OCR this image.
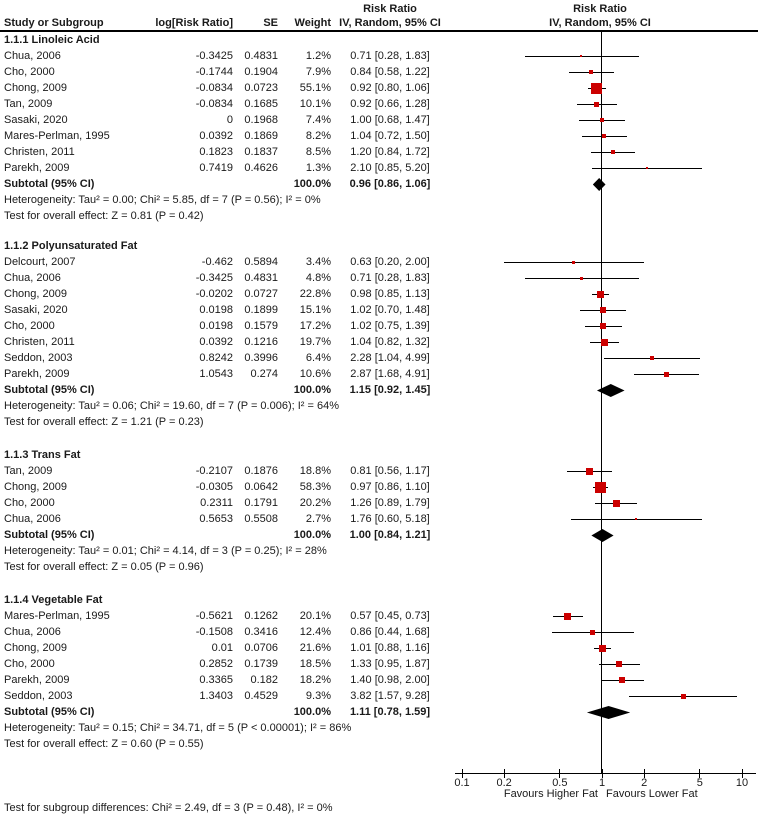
Risk Ratio	Risk Ratio
Study or Subgroup	log[Risk Ratio]	SE	Weight IV, Random, 95% CI	IV, Random, 95% CI
1.1.1 Linoleic Acid
Chua, 2006	-0.3425	0.4831	1.2%	0.71 [0.28, 1.83]
Cho, 2000	-0.1744	0.1904	7.9%	0.84 [0.58, 1.22]
Chong, 2009	-0.0834	0.0723	55.1%	0.92 [0.80, 1.06]
Tan, 2009	-0.0834	0.1685	10.1%	0.92 [0.66, 1.28]
Sasaki, 2020	0	0.1968	7.4%	1.00 [0.68, 1.47]
Mares-Perlman, 1995	0.0392	0.1869	8.2%	1.04 [0.72, 1.50]
Christen, 2011	0.1823	0.1837	8.5%	1.20 [0.84, 1.72]
Parekh, 2009	0.7419	0.4626	1.3%	2.10 [0.85, 5.20]
Subtotal (95% CI)	100.0%	0.96 [0.86, 1.06]
Heterogeneity: Tau² = 0.00; Chi² = 5.85, df = 7 (P = 0.56); I² = 0%
Test for overall effect: Z = 0.81 (P = 0.42)
1.1.2 Polyunsaturated Fat
Delcourt, 2007	-0.462	0.5894	3.4%	0.63 [0.20, 2.00]
Chua, 2006	-0.3425	0.4831	4.8%	0.71 [0.28, 1.83]
Chong, 2009	-0.0202	0.0727	22.8%	0.98 [0.85, 1.13]
Sasaki, 2020	0.0198	0.1899	15.1%	1.02 [0.70, 1.48]
Cho, 2000	0.0198	0.1579	17.2%	1.02 [0.75, 1.39]
Christen, 2011	0.0392	0.1216	19.7%	1.04 [0.82, 1.32]
Seddon, 2003	0.8242	0.3996	6.4%	2.28 [1.04, 4.99]
Parekh, 2009	1.0543	0.274	10.6%	2.87 [1.68, 4.91]
Subtotal (95% CI)	100.0%	1.15 [0.92, 1.45]
Heterogeneity: Tau² = 0.06; Chi² = 19.60, df = 7 (P = 0.006); I² = 64%
Test for overall effect: Z = 1.21 (P = 0.23)
1.1.3 Trans Fat
Tan, 2009	-0.2107	0.1876	18.8%	0.81 [0.56, 1.17]
Chong, 2009	-0.0305	0.0642	58.3%	0.97 [0.86, 1.10]
Cho, 2000	0.2311	0.1791	20.2%	1.26 [0.89, 1.79]
Chua, 2006	0.5653	0.5508	2.7%	1.76 [0.60, 5.18]
Subtotal (95% CI)	100.0%	1.00 [0.84, 1.21]
Heterogeneity: Tau² = 0.01; Chi² = 4.14, df = 3 (P = 0.25); I² = 28%
Test for overall effect: Z = 0.05 (P = 0.96)
1.1.4 Vegetable Fat
Mares-Perlman, 1995	-0.5621	0.1262	20.1%	0.57 [0.45, 0.73]
Chua, 2006	-0.1508	0.3416	12.4%	0.86 [0.44, 1.68]
Chong, 2009	0.01	0.0706	21.6%	1.01 [0.88, 1.16]
Cho, 2000	0.2852	0.1739	18.5%	1.33 [0.95, 1.87]
Parekh, 2009	0.3365	0.182	18.2%	1.40 [0.98, 2.00]
Seddon, 2003	1.3403	0.4529	9.3%	3.82 [1.57, 9.28]
Subtotal (95% CI)	100.0%	1.11 [0.78, 1.59]
Heterogeneity: Tau² = 0.15; Chi² = 34.71, df = 5 (P < 0.00001); I² = 86%
Test for overall effect: Z = 0.60 (P = 0.55)
0.1	0.2	0.5	1	2	5	10
Favours Higher Fat Favours Lower Fat
Test for subgroup differences: Chi² = 2.49, df = 3 (P = 0.48), I² = 0%
